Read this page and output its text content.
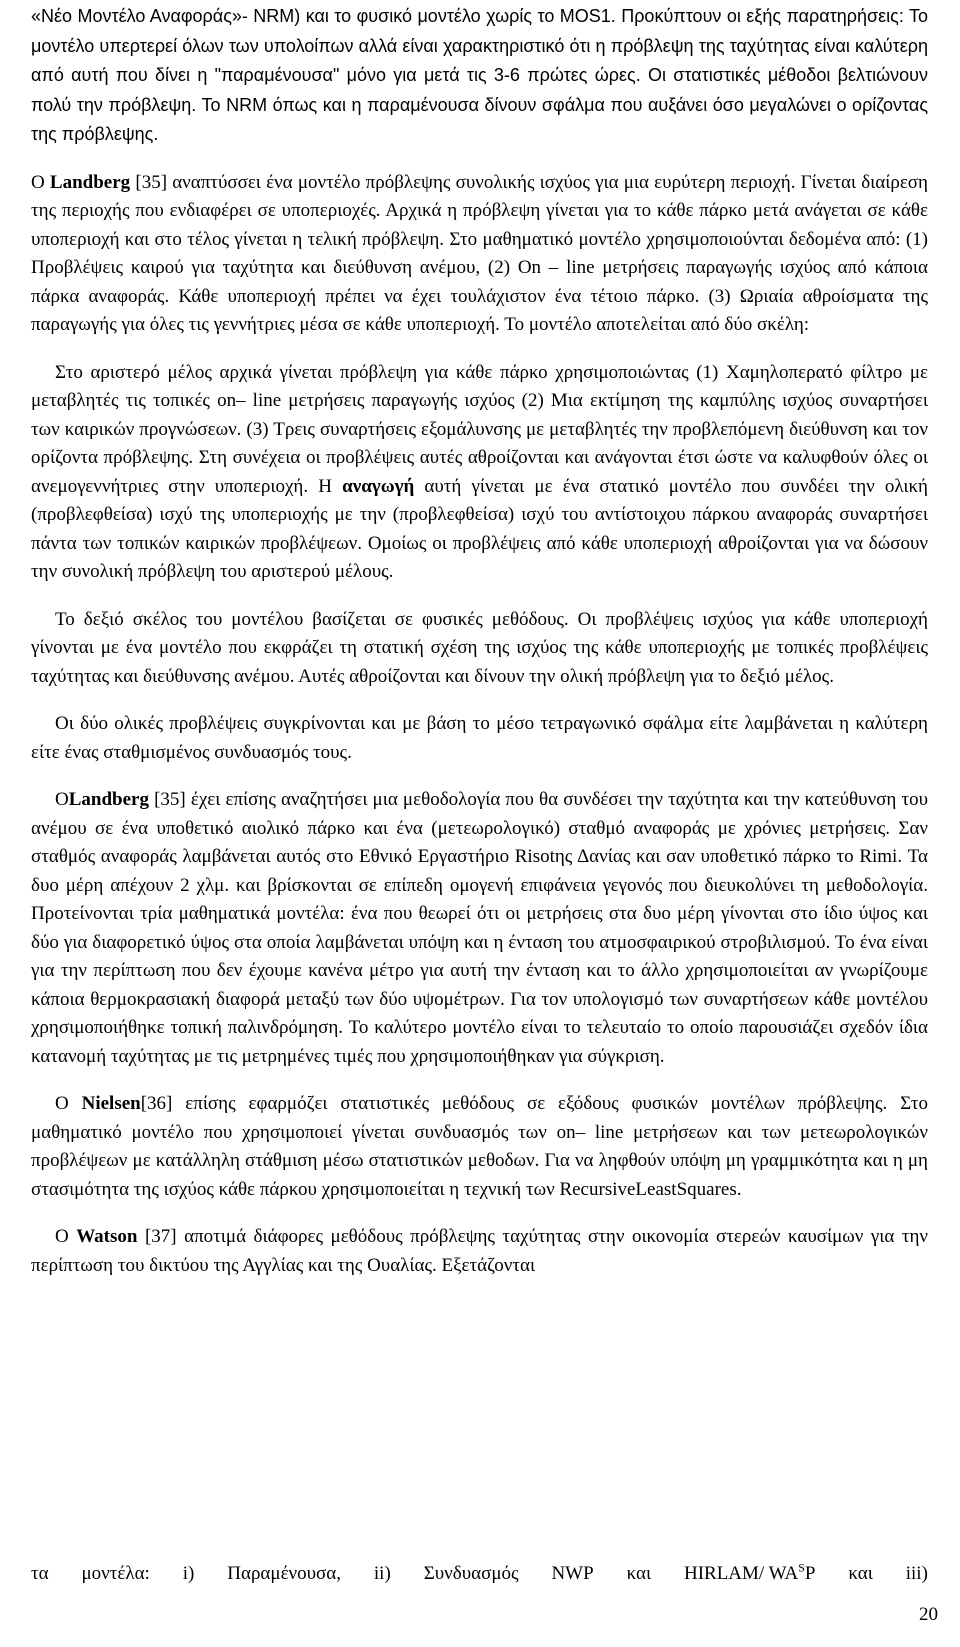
«Νέο Μοντέλο Αναφοράς»- NRM) και το φυσικό μοντέλο χωρίς το MOS1. Προκύπτουν οι εξής παρατηρήσεις: Το μοντέλο υπερτερεί όλων των υπολοίπων αλλά είναι χαρακτηριστικό ότι η πρόβλεψη της ταχύτητας είναι καλύτερη από αυτή που δίνει η "παραμένουσα" μόνο για μετά τις 3-6 πρώτες ώρες. Οι στατιστικές μέθοδοι βελτιώνουν πολύ την πρόβλεψη. Το NRM όπως και η παραμένουσα δίνουν σφάλμα που αυξάνει όσο μεγαλώνει ο ορίζοντας της πρόβλεψης.

Ο Landberg [35] αναπτύσσει ένα μοντέλο πρόβλεψης συνολικής ισχύος για μια ευρύτερη περιοχή. Γίνεται διαίρεση της περιοχής που ενδιαφέρει σε υποπεριοχές. Αρχικά η πρόβλεψη γίνεται για το κάθε πάρκο μετά ανάγεται σε κάθε υποπεριοχή και στο τέλος γίνεται η τελική πρόβλεψη. Στο μαθηματικό μοντέλο χρησιμοποιούνται δεδομένα από: (1) Προβλέψεις καιρού για ταχύτητα και διεύθυνση ανέμου, (2) On – line μετρήσεις παραγωγής ισχύος από κάποια πάρκα αναφοράς. Κάθε υποπεριοχή πρέπει να έχει τουλάχιστον ένα τέτοιο πάρκο. (3) Ωριαία αθροίσματα της παραγωγής για όλες τις γεννήτριες μέσα σε κάθε υποπεριοχή. Το μοντέλο αποτελείται από δύο σκέλη:

Στο αριστερό μέλος αρχικά γίνεται πρόβλεψη για κάθε πάρκο χρησιμοποιώντας (1) Χαμηλοπερατό φίλτρο με μεταβλητές τις τοπικές on– line μετρήσεις παραγωγής ισχύος (2) Μια εκτίμηση της καμπύλης ισχύος συναρτήσει των καιρικών προγνώσεων. (3) Τρεις συναρτήσεις εξομάλυνσης με μεταβλητές την προβλεπόμενη διεύθυνση και τον ορίζοντα πρόβλεψης. Στη συνέχεια οι προβλέψεις αυτές αθροίζονται και ανάγονται έτσι ώστε να καλυφθούν όλες οι ανεμογεννήτριες στην υποπεριοχή. Η αναγωγή αυτή γίνεται με ένα στατικό μοντέλο που συνδέει την ολική (προβλεφθείσα) ισχύ της υποπεριοχής με την (προβλεφθείσα) ισχύ του αντίστοιχου πάρκου αναφοράς συναρτήσει πάντα των τοπικών καιρικών προβλέψεων. Ομοίως οι προβλέψεις από κάθε υποπεριοχή αθροίζονται για να δώσουν την συνολική πρόβλεψη του αριστερού μέλους.

Το δεξιό σκέλος του μοντέλου βασίζεται σε φυσικές μεθόδους. Οι προβλέψεις ισχύος για κάθε υποπεριοχή γίνονται με ένα μοντέλο που εκφράζει τη στατική σχέση της ισχύος της κάθε υποπεριοχής με τοπικές προβλέψεις ταχύτητας και διεύθυνσης ανέμου. Αυτές αθροίζονται και δίνουν την ολική πρόβλεψη για το δεξιό μέλος.

Οι δύο ολικές προβλέψεις συγκρίνονται και με βάση το μέσο τετραγωνικό σφάλμα είτε λαμβάνεται η καλύτερη είτε ένας σταθμισμένος συνδυασμός τους.

ΟLandberg [35] έχει επίσης αναζητήσει μια μεθοδολογία που θα συνδέσει την ταχύτητα και την κατεύθυνση του ανέμου σε ένα υποθετικό αιολικό πάρκο και ένα (μετεωρολογικό) σταθμό αναφοράς με χρόνιες μετρήσεις. Σαν σταθμός αναφοράς λαμβάνεται αυτός στο Εθνικό Εργαστήριο Risotης Δανίας και σαν υποθετικό πάρκο το Rimi. Τα δυο μέρη απέχουν 2 χλμ. και βρίσκονται σε επίπεδη ομογενή επιφάνεια γεγονός που διευκολύνει τη μεθοδολογία. Προτείνονται τρία μαθηματικά μοντέλα: ένα που θεωρεί ότι οι μετρήσεις στα δυο μέρη γίνονται στο ίδιο ύψος και δύο για διαφορετικό ύψος στα οποία λαμβάνεται υπόψη και η ένταση του ατμοσφαιρικού στροβιλισμού. Το ένα είναι για την περίπτωση που δεν έχουμε κανένα μέτρο για αυτή την ένταση και το άλλο χρησιμοποιείται αν γνωρίζουμε κάποια θερμοκρασιακή διαφορά μεταξύ των δύο υψομέτρων. Για τον υπολογισμό των συναρτήσεων κάθε μοντέλου χρησιμοποιήθηκε τοπική παλινδρόμηση. Το καλύτερο μοντέλο είναι το τελευταίο το οποίο παρουσιάζει σχεδόν ίδια κατανομή ταχύτητας με τις μετρημένες τιμές που χρησιμοποιήθηκαν για σύγκριση.

Ο Nielsen[36] επίσης εφαρμόζει στατιστικές μεθόδους σε εξόδους φυσικών μοντέλων πρόβλεψης. Στο μαθηματικό μοντέλο που χρησιμοποιεί γίνεται συνδυασμός των on– line μετρήσεων και των μετεωρολογικών προβλέψεων με κατάλληλη στάθμιση μέσω στατιστικών μεθοδων. Για να ληφθούν υπόψη μη γραμμικότητα και η μη στασιμότητα της ισχύος κάθε πάρκου χρησιμοποιείται η τεχνική των RecursiveLeastSquares.

Ο Watson [37] αποτιμά διάφορες μεθόδους πρόβλεψης ταχύτητας στην οικονομία στερεών καυσίμων για την περίπτωση του δικτύου της Αγγλίας και της Ουαλίας. Εξετάζονται

τα μοντέλα: i) Παραμένουσα, ii) Συνδυασμός NWP και HIRLAM/ $WA^SP$ και iii)
20
